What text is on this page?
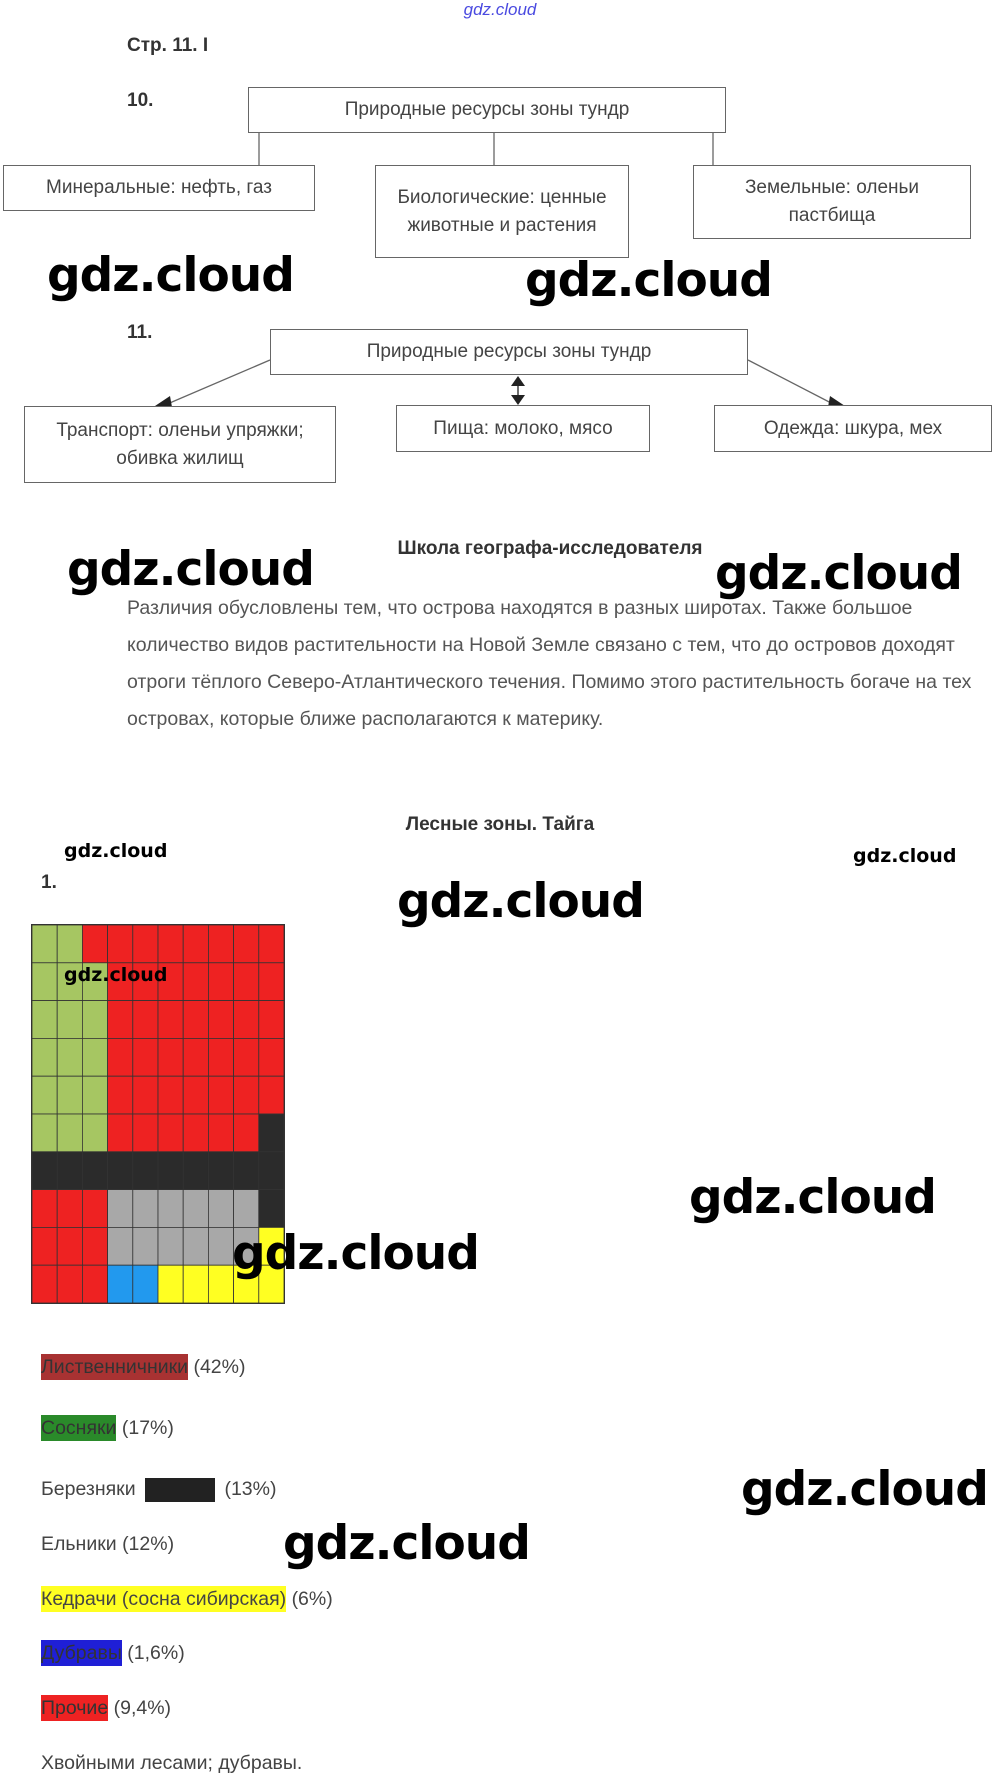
gdz.cloud
Стр. 11. I
10.	Природные ресурсы зоны тундр
Минеральные: нефть, газ	Биологические: ценные животные и растения
Земельные: оленьи пастбища
gdz.cloud	gdz.cloud
11.
Природные ресурсы зоны тундр
Транспорт: оленьи упряжки; обивка жилищ
Пища: молоко, мясо	Одежда: шкура, мех
Школа географа-исследователя
gdz.cloud	gdz.cloud
Различия обусловлены тем, что острова находятся в разных широтах. Также большое количество видов растительности на Новой Земле связано с тем, что до островов доходят отроги тёплого Северо-Атлантического течения. Помимо этого растительность богаче на тех островах, которые ближе располагаются к материку.
Лесные зоны. Тайга
gdz.cloud	gdz.cloud
1.	gdz.cloud
gdz.cloud
gdz.cloud
gdz.cloud
Лиственничники (42%)
Сосняки (17%)
Березняки	(13%)
Ельники (12%)
Кедрачи (сосна сибирская) (6%)
Дубравы (1,6%)
Прочие (9,4%)
gdz.cloud
gdz.cloud
Хвойными лесами; дубравы.
